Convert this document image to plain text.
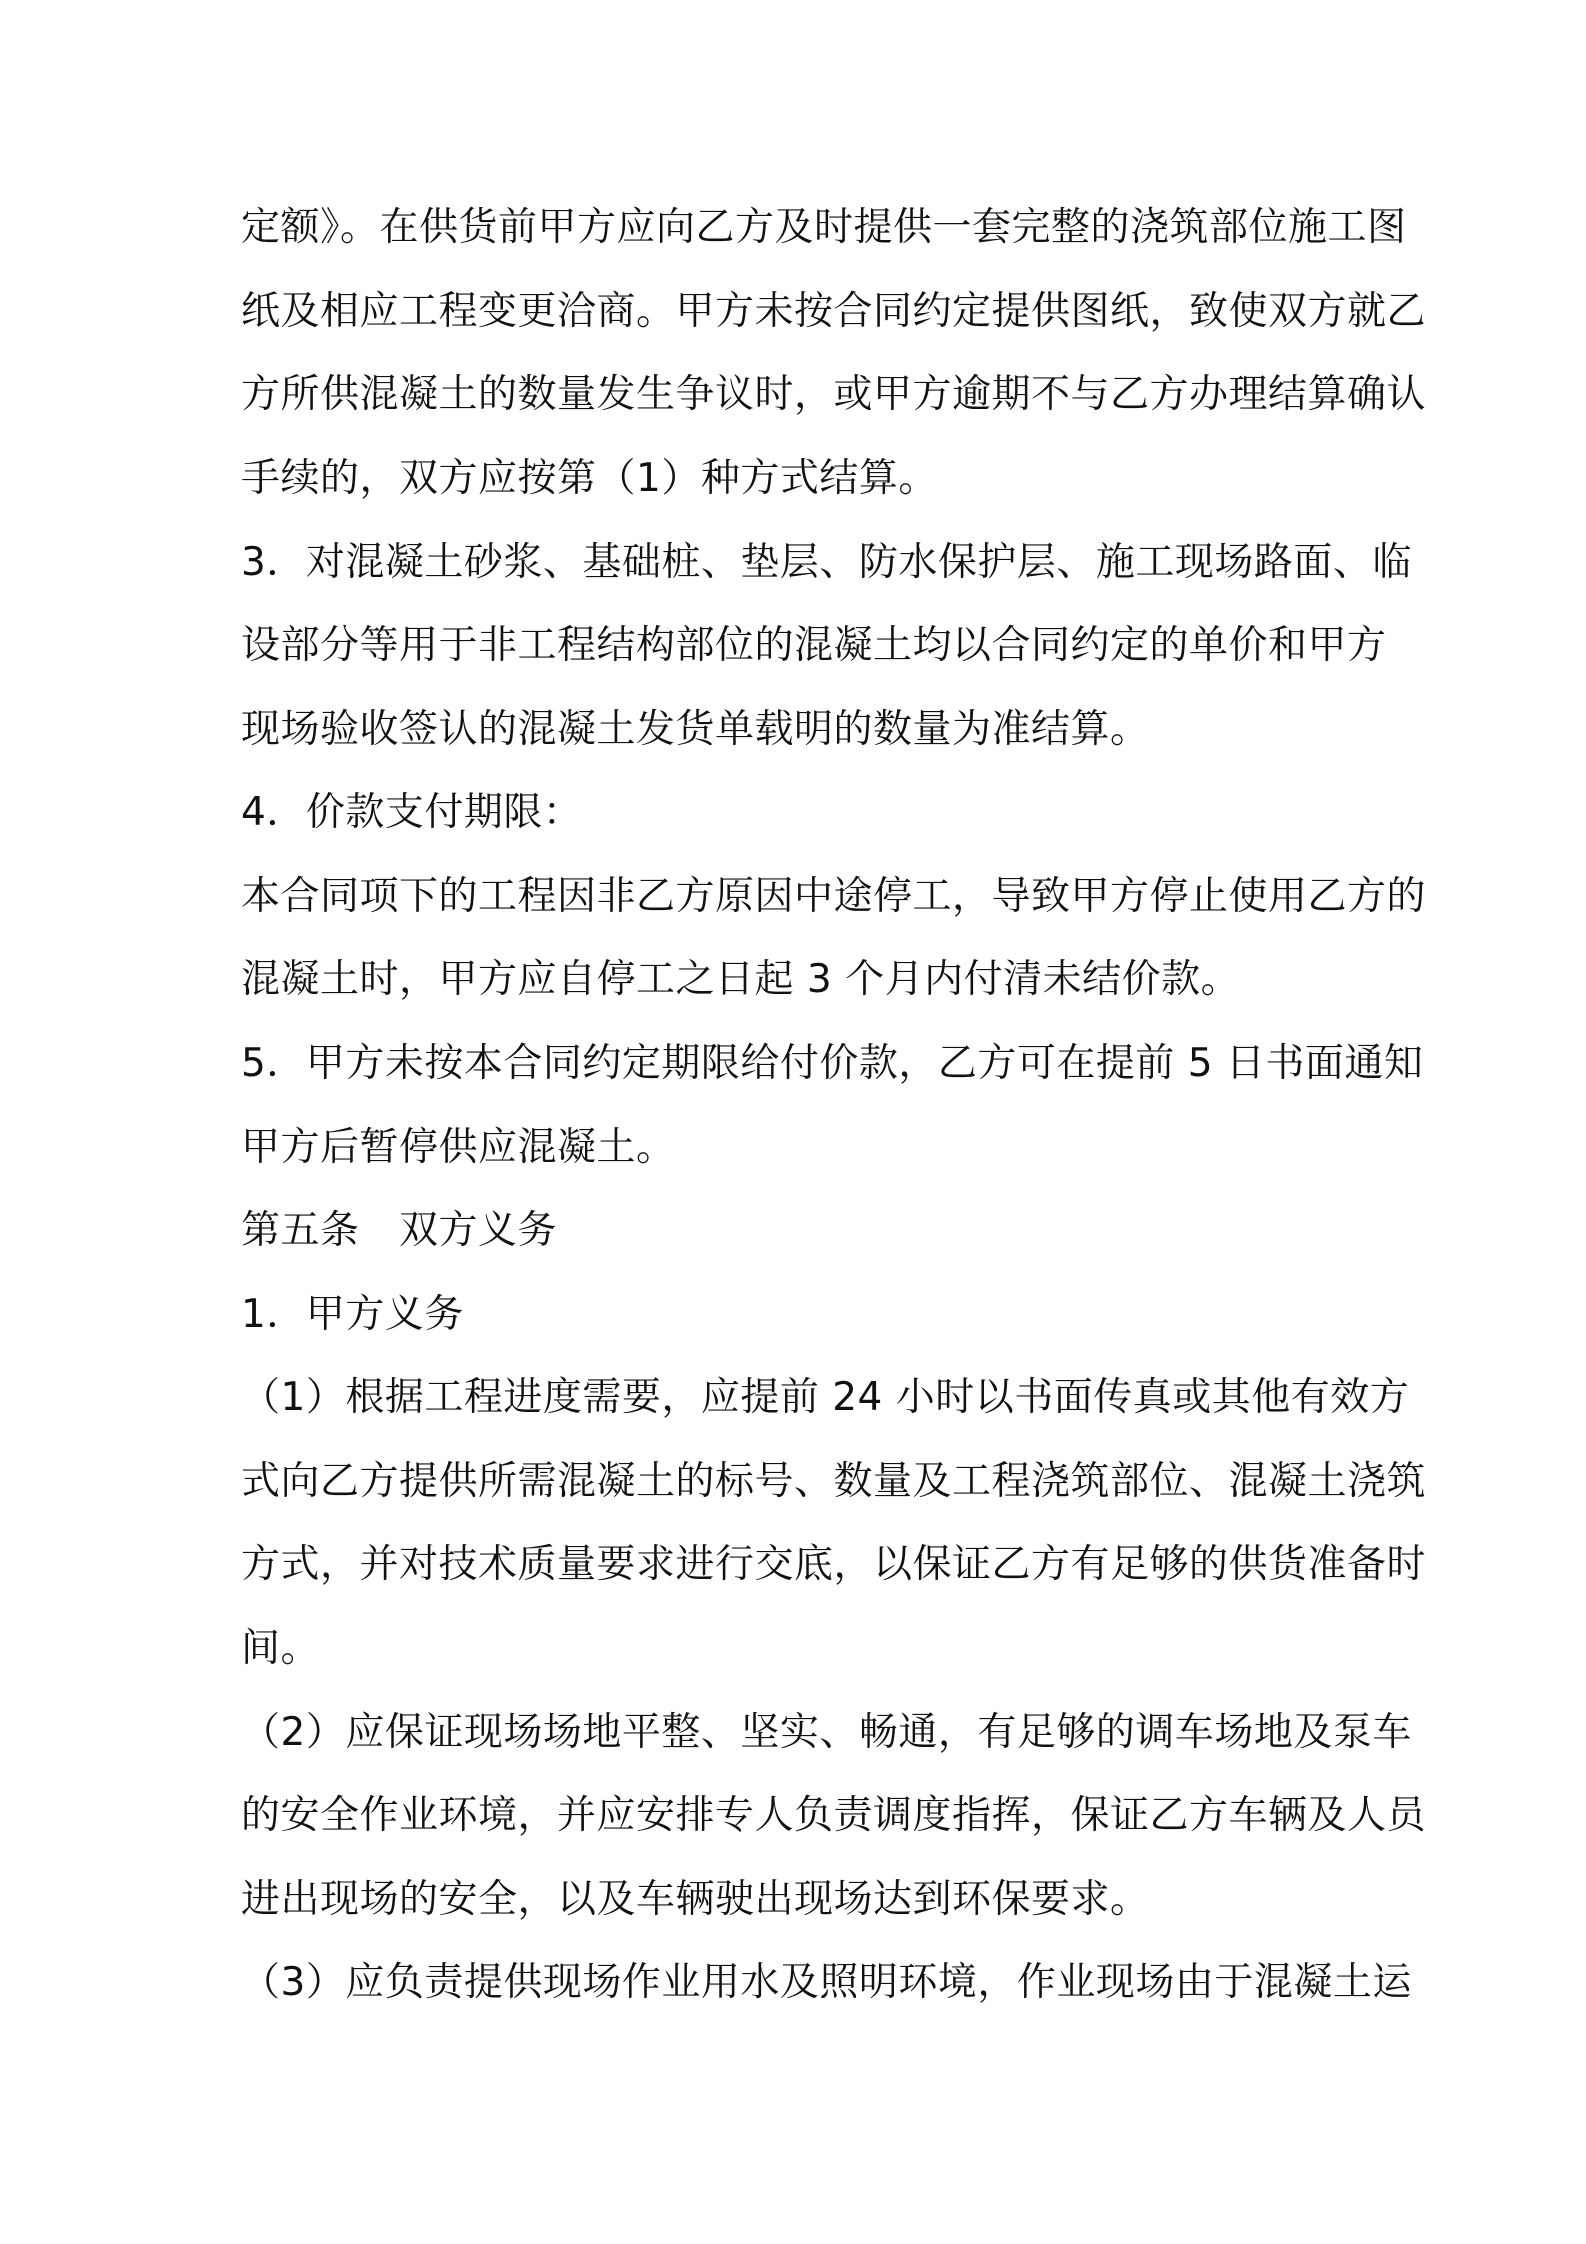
定额》。在供货前甲方应向乙方及时提供一套完整的浇筑部位施工图
纸及相应工程变更洽商。甲方未按合同约定提供图纸，致使双方就乙
方所供混凝土的数量发生争议时，或甲方逾期不与乙方办理结算确认
手续的，双方应按第（1）种方式结算。
3．对混凝土砂浆、基础桩、垫层、防水保护层、施工现场路面、临
设部分等用于非工程结构部位的混凝土均以合同约定的单价和甲方
现场验收签认的混凝土发货单载明的数量为准结算。
4．价款支付期限：
本合同项下的工程因非乙方原因中途停工，导致甲方停止使用乙方的
混凝土时，甲方应自停工之日起 3 个月内付清未结价款。
5．甲方未按本合同约定期限给付价款，乙方可在提前 5 日书面通知
甲方后暂停供应混凝土。
第五条　双方义务
1．甲方义务
（1）根据工程进度需要，应提前 24 小时以书面传真或其他有效方
式向乙方提供所需混凝土的标号、数量及工程浇筑部位、混凝土浇筑
方式，并对技术质量要求进行交底，以保证乙方有足够的供货准备时
间。
（2）应保证现场场地平整、坚实、畅通，有足够的调车场地及泵车
的安全作业环境，并应安排专人负责调度指挥，保证乙方车辆及人员
进出现场的安全，以及车辆驶出现场达到环保要求。
（3）应负责提供现场作业用水及照明环境，作业现场由于混凝土运
